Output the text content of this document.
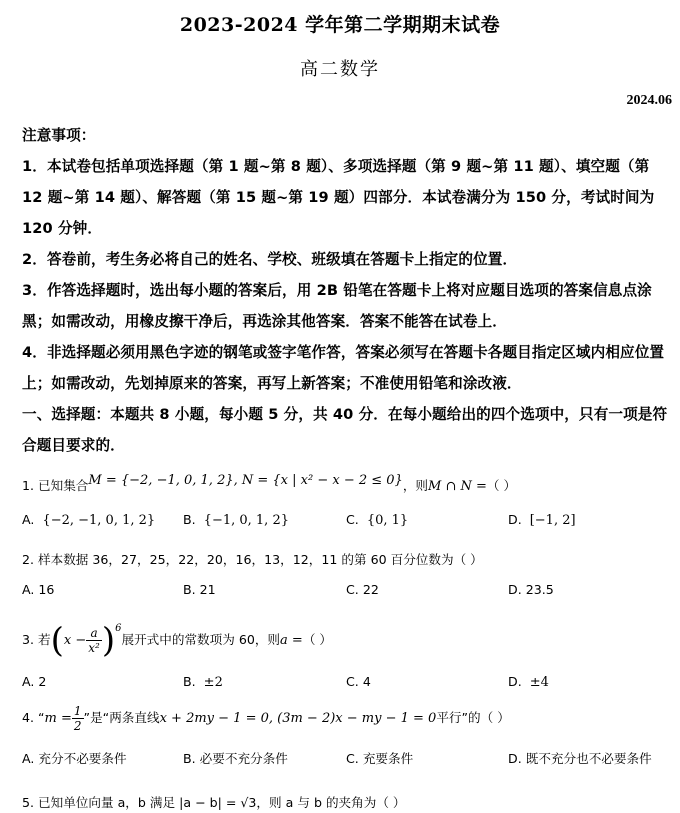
2023-2024 学年第二学期期末试卷
高二数学
2024.06

注意事项：

1．本试卷包括单项选择题（第 1 题~第 8 题）、多项选择题（第 9 题~第 11 题）、填空题（第 12 题~第 14 题）、解答题（第 15 题~第 19 题）四部分．本试卷满分为 150 分，考试时间为 120 分钟．

2．答卷前，考生务必将自己的姓名、学校、班级填在答题卡上指定的位置．

3．作答选择题时，选出每小题的答案后，用 2B 铅笔在答题卡上将对应题目选项的答案信息点涂黑；如需改动，用橡皮擦干净后，再选涂其他答案．答案不能答在试卷上．

4．非选择题必须用黑色字迹的钢笔或签字笔作答，答案必须写在答题卡各题目指定区域内相应位置上；如需改动，先划掉原来的答案，再写上新答案；不准使用铅笔和涂改液．

一、选择题：本题共 8 小题，每小题 5 分，共 40 分．在每小题给出的四个选项中，只有一项是符合题目要求的．

1. 已知集合M = {−2, −1, 0, 1, 2}, N = {x | x² − x − 2 ≤ 0}，则M ∩ N =（ ）
A. {−2, −1, 0, 1, 2} B. {−1, 0, 1, 2}	C. {0, 1}	D. [−1, 2]
2. 样本数据 36，27，25，22，20，16，13，12，11 的第 60 百分位数为（ ）
A. 16	B. 21	C. 22	D. 23.5
3. 若$(x - \frac{a}{\text{x²}} )^6$展开式中的常数项为 60，则a =（ ）
A. 2	B. ±2	C. 4	D. ±4
4. “$m = \frac{1}{2}$ ”是“两条直线x + 2my − 1 = 0, (3m − 2)x − my − 1 = 0平行”的（ ）
A. 充分不必要条件	B. 必要不充分条件	C. 充要条件	D. 既不充分也不必要条件
5. 已知单位向量 a，b 满足 |a − b| = √3，则 a 与 b 的夹角为（ ）
